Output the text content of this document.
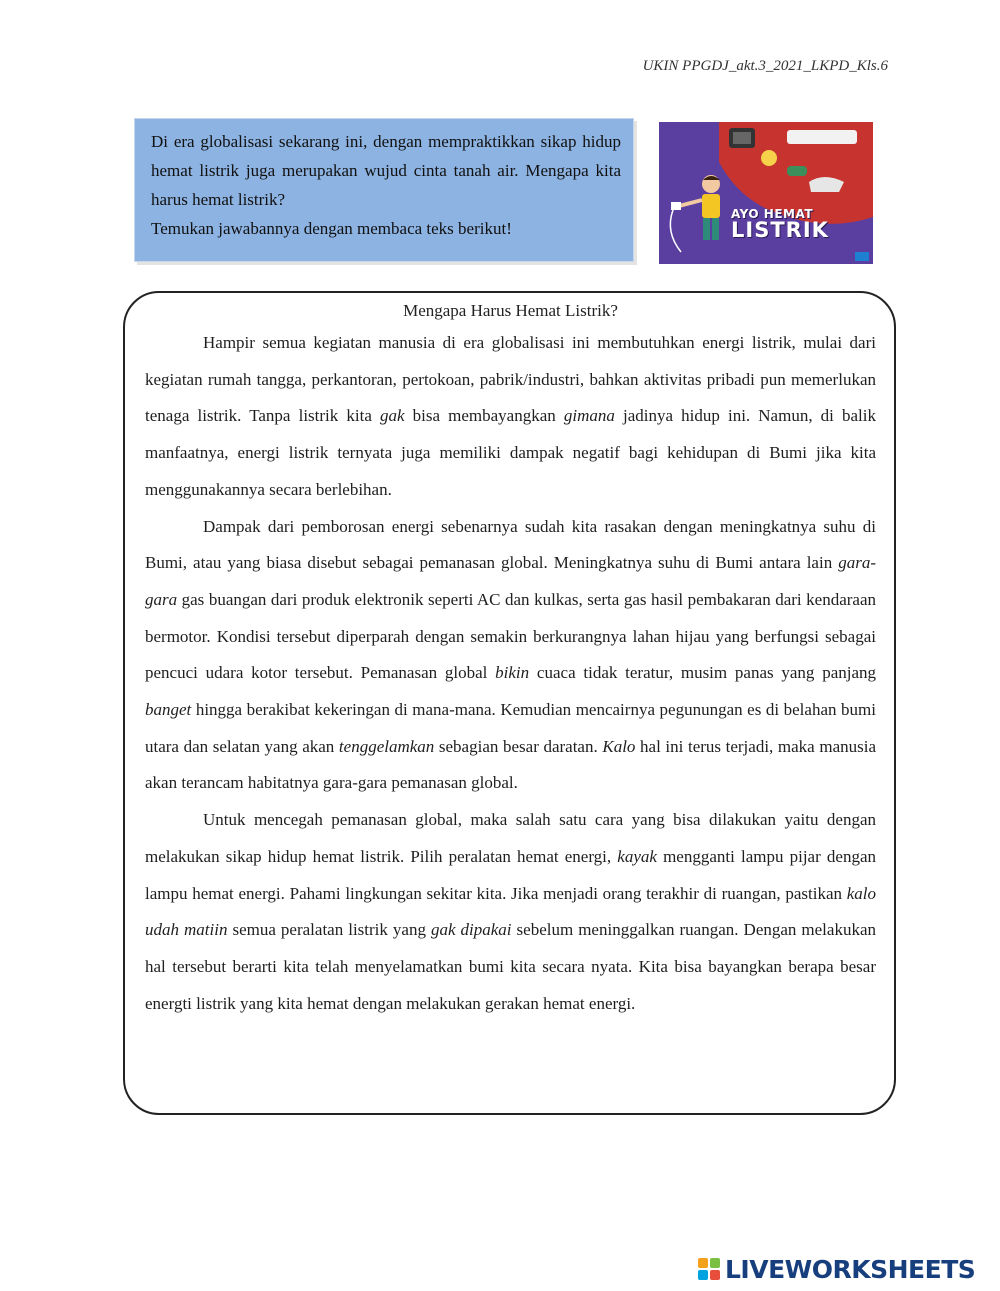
UKIN PPGDJ_akt.3_2021_LKPD_Kls.6

Di era globalisasi sekarang ini, dengan mempraktikkan sikap hidup hemat listrik juga merupakan wujud cinta tanah air. Mengapa kita harus hemat listrik?

Temukan jawabannya dengan membaca teks berikut!

AYO HEMAT
LISTRIK
Mengapa Harus Hemat Listrik?

Hampir semua kegiatan manusia di era globalisasi ini membutuhkan energi listrik, mulai dari kegiatan rumah tangga, perkantoran, pertokoan, pabrik/industri, bahkan aktivitas pribadi pun memerlukan tenaga listrik. Tanpa listrik kita gak bisa membayangkan gimana jadinya hidup ini. Namun, di balik manfaatnya, energi listrik ternyata juga memiliki dampak negatif bagi kehidupan di Bumi jika kita menggunakannya secara berlebihan.

Dampak dari pemborosan energi sebenarnya sudah kita rasakan dengan meningkatnya suhu di Bumi, atau yang biasa disebut sebagai pemanasan global. Meningkatnya suhu di Bumi antara lain gara-gara gas buangan dari produk elektronik seperti AC dan kulkas, serta gas hasil pembakaran dari kendaraan bermotor. Kondisi tersebut diperparah dengan semakin berkurangnya lahan hijau yang berfungsi sebagai pencuci udara kotor tersebut. Pemanasan global bikin cuaca tidak teratur, musim panas yang panjang banget hingga berakibat kekeringan di mana-mana. Kemudian mencairnya pegunungan es di belahan bumi utara dan selatan yang akan tenggelamkan sebagian besar daratan. Kalo hal ini terus terjadi, maka manusia akan terancam habitatnya gara-gara pemanasan global.

Untuk mencegah pemanasan global, maka salah satu cara yang bisa dilakukan yaitu dengan melakukan sikap hidup hemat listrik. Pilih peralatan hemat energi, kayak mengganti lampu pijar dengan lampu hemat energi. Pahami lingkungan sekitar kita. Jika menjadi orang terakhir di ruangan, pastikan kalo udah matiin semua peralatan listrik yang gak dipakai sebelum meninggalkan ruangan. Dengan melakukan hal tersebut berarti kita telah menyelamatkan bumi kita secara nyata. Kita bisa bayangkan berapa besar energti listrik yang kita hemat dengan melakukan gerakan hemat energi.

LIVEWORKSHEETS
